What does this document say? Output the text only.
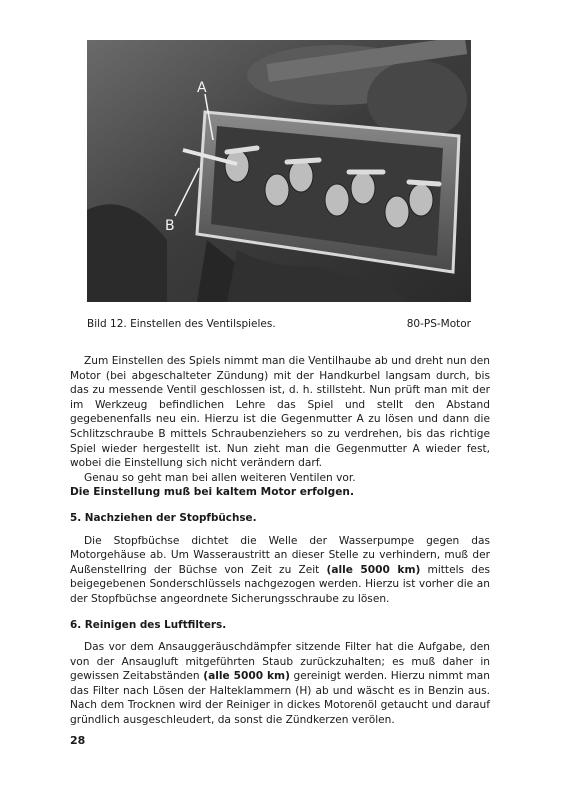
A
B
Bild 12. Einstellen des Ventilspieles.	80-PS-Motor

Zum Einstellen des Spiels nimmt man die Ventilhaube ab und dreht nun den Motor (bei abgeschalteter Zündung) mit der Handkurbel langsam durch, bis das zu messende Ventil geschlossen ist, d. h. stillsteht. Nun prüft man mit der im Werkzeug befindlichen Lehre das Spiel und stellt den Abstand gegebenenfalls neu ein. Hierzu ist die Gegenmutter A zu lösen und dann die Schlitzschraube B mittels Schraubenziehers so zu verdrehen, bis das richtige Spiel wieder hergestellt ist. Nun zieht man die Gegenmutter A wieder fest, wobei die Einstellung sich nicht verändern darf.

Genau so geht man bei allen weiteren Ventilen vor.

Die Einstellung muß bei kaltem Motor erfolgen.

5. Nachziehen der Stopfbüchse.

Die Stopfbüchse dichtet die Welle der Wasserpumpe gegen das Motorgehäuse ab. Um Wasseraustritt an dieser Stelle zu verhindern, muß der Außenstellring der Büchse von Zeit zu Zeit (alle 5000 km) mittels des beigegebenen Sonderschlüssels nachgezogen werden. Hierzu ist vorher die an der Stopfbüchse angeordnete Sicherungsschraube zu lösen.

6. Reinigen des Luftfilters.

Das vor dem Ansauggeräuschdämpfer sitzende Filter hat die Aufgabe, den von der Ansaugluft mitgeführten Staub zurückzuhalten; es muß daher in gewissen Zeitabständen (alle 5000 km) gereinigt werden. Hierzu nimmt man das Filter nach Lösen der Halteklammern (H) ab und wäscht es in Benzin aus. Nach dem Trocknen wird der Reiniger in dickes Motorenöl getaucht und darauf gründlich ausgeschleudert, da sonst die Zündkerzen verölen.

28
